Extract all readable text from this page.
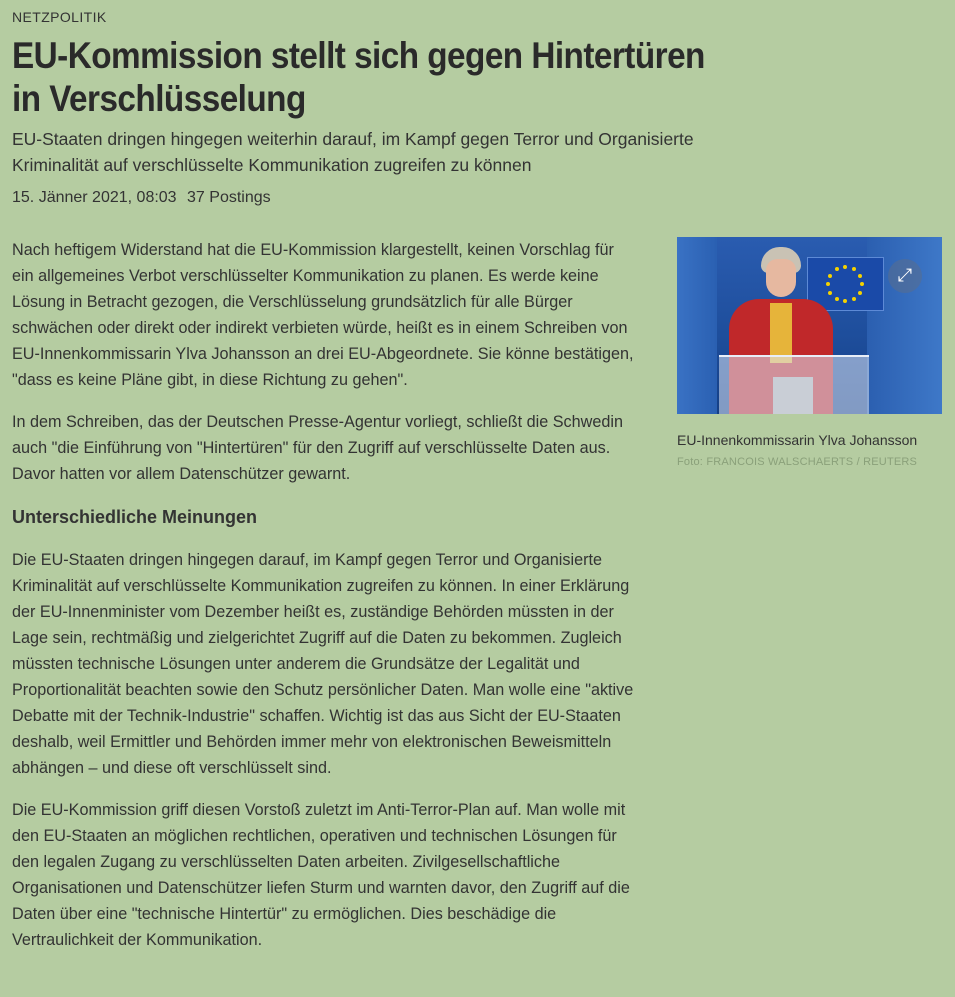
NETZPOLITIK
EU-Kommission stellt sich gegen Hintertüren in Verschlüsselung
EU-Staaten dringen hingegen weiterhin darauf, im Kampf gegen Terror und Organisierte Kriminalität auf verschlüsselte Kommunikation zugreifen zu können
15. Jänner 2021, 08:03 37 Postings

Nach heftigem Widerstand hat die EU-Kommission klargestellt, keinen Vorschlag für ein allgemeines Verbot verschlüsselter Kommunikation zu planen. Es werde keine Lösung in Betracht gezogen, die Verschlüsselung grundsätzlich für alle Bürger schwächen oder direkt oder indirekt verbieten würde, heißt es in einem Schreiben von EU-Innenkommissarin Ylva Johansson an drei EU-Abgeordnete. Sie könne bestätigen, "dass es keine Pläne gibt, in diese Richtung zu gehen".

In dem Schreiben, das der Deutschen Presse-Agentur vorliegt, schließt die Schwedin auch "die Einführung von "Hintertüren" für den Zugriff auf verschlüsselte Daten aus. Davor hatten vor allem Datenschützer gewarnt.

Unterschiedliche Meinungen

Die EU-Staaten dringen hingegen darauf, im Kampf gegen Terror und Organisierte Kriminalität auf verschlüsselte Kommunikation zugreifen zu können. In einer Erklärung der EU-Innenminister vom Dezember heißt es, zuständige Behörden müssten in der Lage sein, rechtmäßig und zielgerichtet Zugriff auf die Daten zu bekommen. Zugleich müssten technische Lösungen unter anderem die Grundsätze der Legalität und Proportionalität beachten sowie den Schutz persönlicher Daten. Man wolle eine "aktive Debatte mit der Technik-Industrie" schaffen. Wichtig ist das aus Sicht der EU-Staaten deshalb, weil Ermittler und Behörden immer mehr von elektronischen Beweismitteln abhängen – und diese oft verschlüsselt sind.

Die EU-Kommission griff diesen Vorstoß zuletzt im Anti-Terror-Plan auf. Man wolle mit den EU-Staaten an möglichen rechtlichen, operativen und technischen Lösungen für den legalen Zugang zu verschlüsselten Daten arbeiten. Zivilgesellschaftliche Organisationen und Datenschützer liefen Sturm und warnten davor, den Zugriff auf die Daten über eine "technische Hintertür" zu ermöglichen. Dies beschädige die Vertraulichkeit der Kommunikation.

⤢
EU-Innenkommissarin Ylva Johansson
Foto: FRANCOIS WALSCHAERTS / REUTERS
